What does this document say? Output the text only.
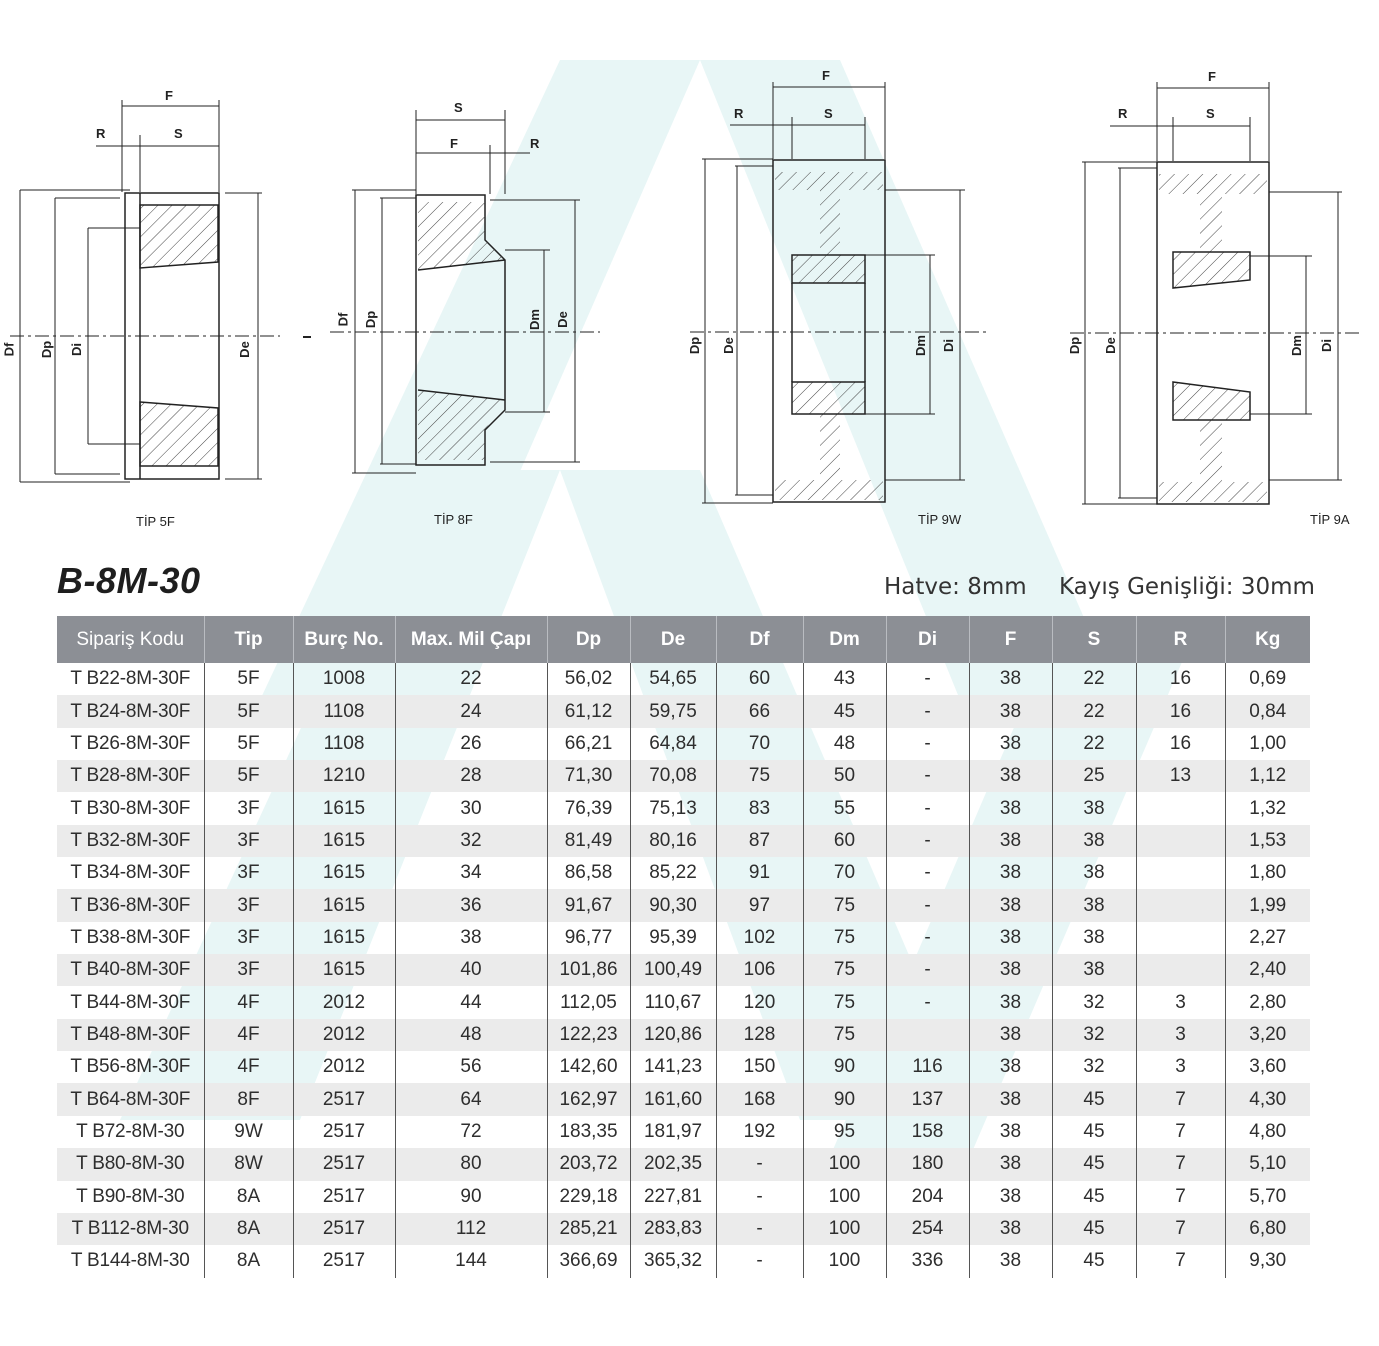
F
R	S
Df Dp Di	De
TİP 5F
S
F	R
Df Dp	Dm De
TİP 8F
F
R	S
Dp De	Dm Di
TİP 9W
F
R	S
Dp De	Dm Di
TİP 9A
B-8M-30	Hatve: 8mm Kayış Genişliği: 30mm
Sipariş Kodu	Tip	Burç No.	Max. Mil Çapı	Dp	De	Df	Dm	Di	F	S	R	Kg
T B22-8M-30F	5F	1008	22	56,02	54,65	60	43	-	38	22	16	0,69
T B24-8M-30F	5F	1108	24	61,12	59,75	66	45	-	38	22	16	0,84
T B26-8M-30F	5F	1108	26	66,21	64,84	70	48	-	38	22	16	1,00
T B28-8M-30F	5F	1210	28	71,30	70,08	75	50	-	38	25	13	1,12
T B30-8M-30F	3F	1615	30	76,39	75,13	83	55	-	38	38		1,32
T B32-8M-30F	3F	1615	32	81,49	80,16	87	60	-	38	38		1,53
T B34-8M-30F	3F	1615	34	86,58	85,22	91	70	-	38	38		1,80
T B36-8M-30F	3F	1615	36	91,67	90,30	97	75	-	38	38		1,99
T B38-8M-30F	3F	1615	38	96,77	95,39	102	75	-	38	38		2,27
T B40-8M-30F	3F	1615	40	101,86	100,49	106	75	-	38	38		2,40
T B44-8M-30F	4F	2012	44	112,05	110,67	120	75	-	38	32	3	2,80
T B48-8M-30F	4F	2012	48	122,23	120,86	128	75		38	32	3	3,20
T B56-8M-30F	4F	2012	56	142,60	141,23	150	90	116	38	32	3	3,60
T B64-8M-30F	8F	2517	64	162,97	161,60	168	90	137	38	45	7	4,30
T B72-8M-30	9W	2517	72	183,35	181,97	192	95	158	38	45	7	4,80
T B80-8M-30	8W	2517	80	203,72	202,35	-	100	180	38	45	7	5,10
T B90-8M-30	8A	2517	90	229,18	227,81	-	100	204	38	45	7	5,70
T B112-8M-30	8A	2517	112	285,21	283,83	-	100	254	38	45	7	6,80
T B144-8M-30	8A	2517	144	366,69	365,32	-	100	336	38	45	7	9,30
